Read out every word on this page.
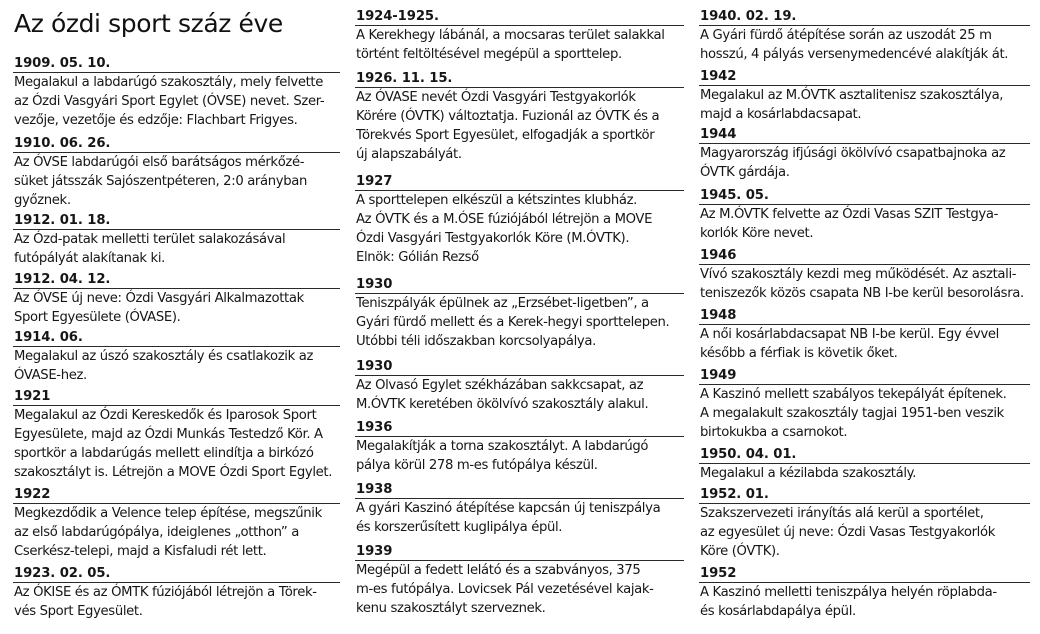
Az ózdi sport száz éve
1909. 05. 10.
Megalakul a labdarúgó szakosztály, mely felvette
az Ózdi Vasgyári Sport Egylet (ÓVSE) nevet. Szer-
vezője, vezetője és edzője: Flachbart Frigyes.
1910. 06. 26.
Az ÓVSE labdarúgói első barátságos mérkőzé-
süket játsszák Sajószentpéteren, 2:0 arányban
győznek.
1912. 01. 18.
Az Ózd-patak melletti terület salakozásával
futópályát alakítanak ki.
1912. 04. 12.
Az ÓVSE új neve: Ózdi Vasgyári Alkalmazottak
Sport Egyesülete (ÓVASE).
1914. 06.
Megalakul az úszó szakosztály és csatlakozik az
ÓVASE-hez.
1921
Megalakul az Ózdi Kereskedők és Iparosok Sport
Egyesülete, majd az Ózdi Munkás Testedző Kör. A
sportkör a labdarúgás mellett elindítja a birkózó
szakosztályt is. Létrejön a MOVE Ózdi Sport Egylet.
1922
Megkezdődik a Velence telep építése, megszűnik
az első labdarúgópálya, ideiglenes „otthon” a
Cserkész-telepi, majd a Kisfaludi rét lett.
1923. 02. 05.
Az ÓKISE és az ÓMTK fúziójából létrejön a Törek-
vés Sport Egyesület.
1924-1925.
A Kerekhegy lábánál, a mocsaras terület salakkal
történt feltöltésével megépül a sporttelep.
1926. 11. 15.
Az ÓVASE nevét Ózdi Vasgyári Testgyakorlók
Körére (ÓVTK) változtatja. Fuzionál az ÓVTK és a
Törekvés Sport Egyesület, elfogadják a sportkör
új alapszabályát.
1927
A sporttelepen elkészül a kétszintes klubház.
Az ÓVTK és a M.ÓSE fúziójából létrejön a MOVE
Ózdi Vasgyári Testgyakorlók Köre (M.ÓVTK).
Elnök: Gólián Rezső
1930
Teniszpályák épülnek az „Erzsébet-ligetben”, a
Gyári fürdő mellett és a Kerek-hegyi sporttelepen.
Utóbbi téli időszakban korcsolyapálya.
1930
Az Olvasó Egylet székházában sakkcsapat, az
M.ÓVTK keretében ökölvívó szakosztály alakul.
1936
Megalakítják a torna szakosztályt. A labdarúgó
pálya körül 278 m-es futópálya készül.
1938
A gyári Kaszinó átépítése kapcsán új teniszpálya
és korszerűsített kuglipálya épül.
1939
Megépül a fedett lelátó és a szabványos, 375
m-es futópálya. Lovicsek Pál vezetésével kajak-
kenu szakosztályt szerveznek.
1940. 02. 19.
A Gyári fürdő átépítése során az uszodát 25 m
hosszú, 4 pályás versenymedencévé alakítják át.
1942
Megalakul az M.ÓVTK asztalitenisz szakosztálya,
majd a kosárlabdacsapat.
1944
Magyarország ifjúsági ökölvívó csapatbajnoka az
ÓVTK gárdája.
1945. 05.
Az M.ÓVTK felvette az Ózdi Vasas SZIT Testgya-
korlók Köre nevet.
1946
Vívó szakosztály kezdi meg működését. Az asztali-
teniszezők közös csapata NB I-be kerül besorolásra.
1948
A női kosárlabdacsapat NB I-be kerül. Egy évvel
később a férfiak is követik őket.
1949
A Kaszinó mellett szabályos tekepályát építenek.
A megalakult szakosztály tagjai 1951-ben veszik
birtokukba a csarnokot.
1950. 04. 01.
Megalakul a kézilabda szakosztály.
1952. 01.
Szakszervezeti irányítás alá kerül a sportélet,
az egyesület új neve: Ózdi Vasas Testgyakorlók
Köre (ÓVTK).
1952
A Kaszinó melletti teniszpálya helyén röplabda-
és kosárlabdapálya épül.
